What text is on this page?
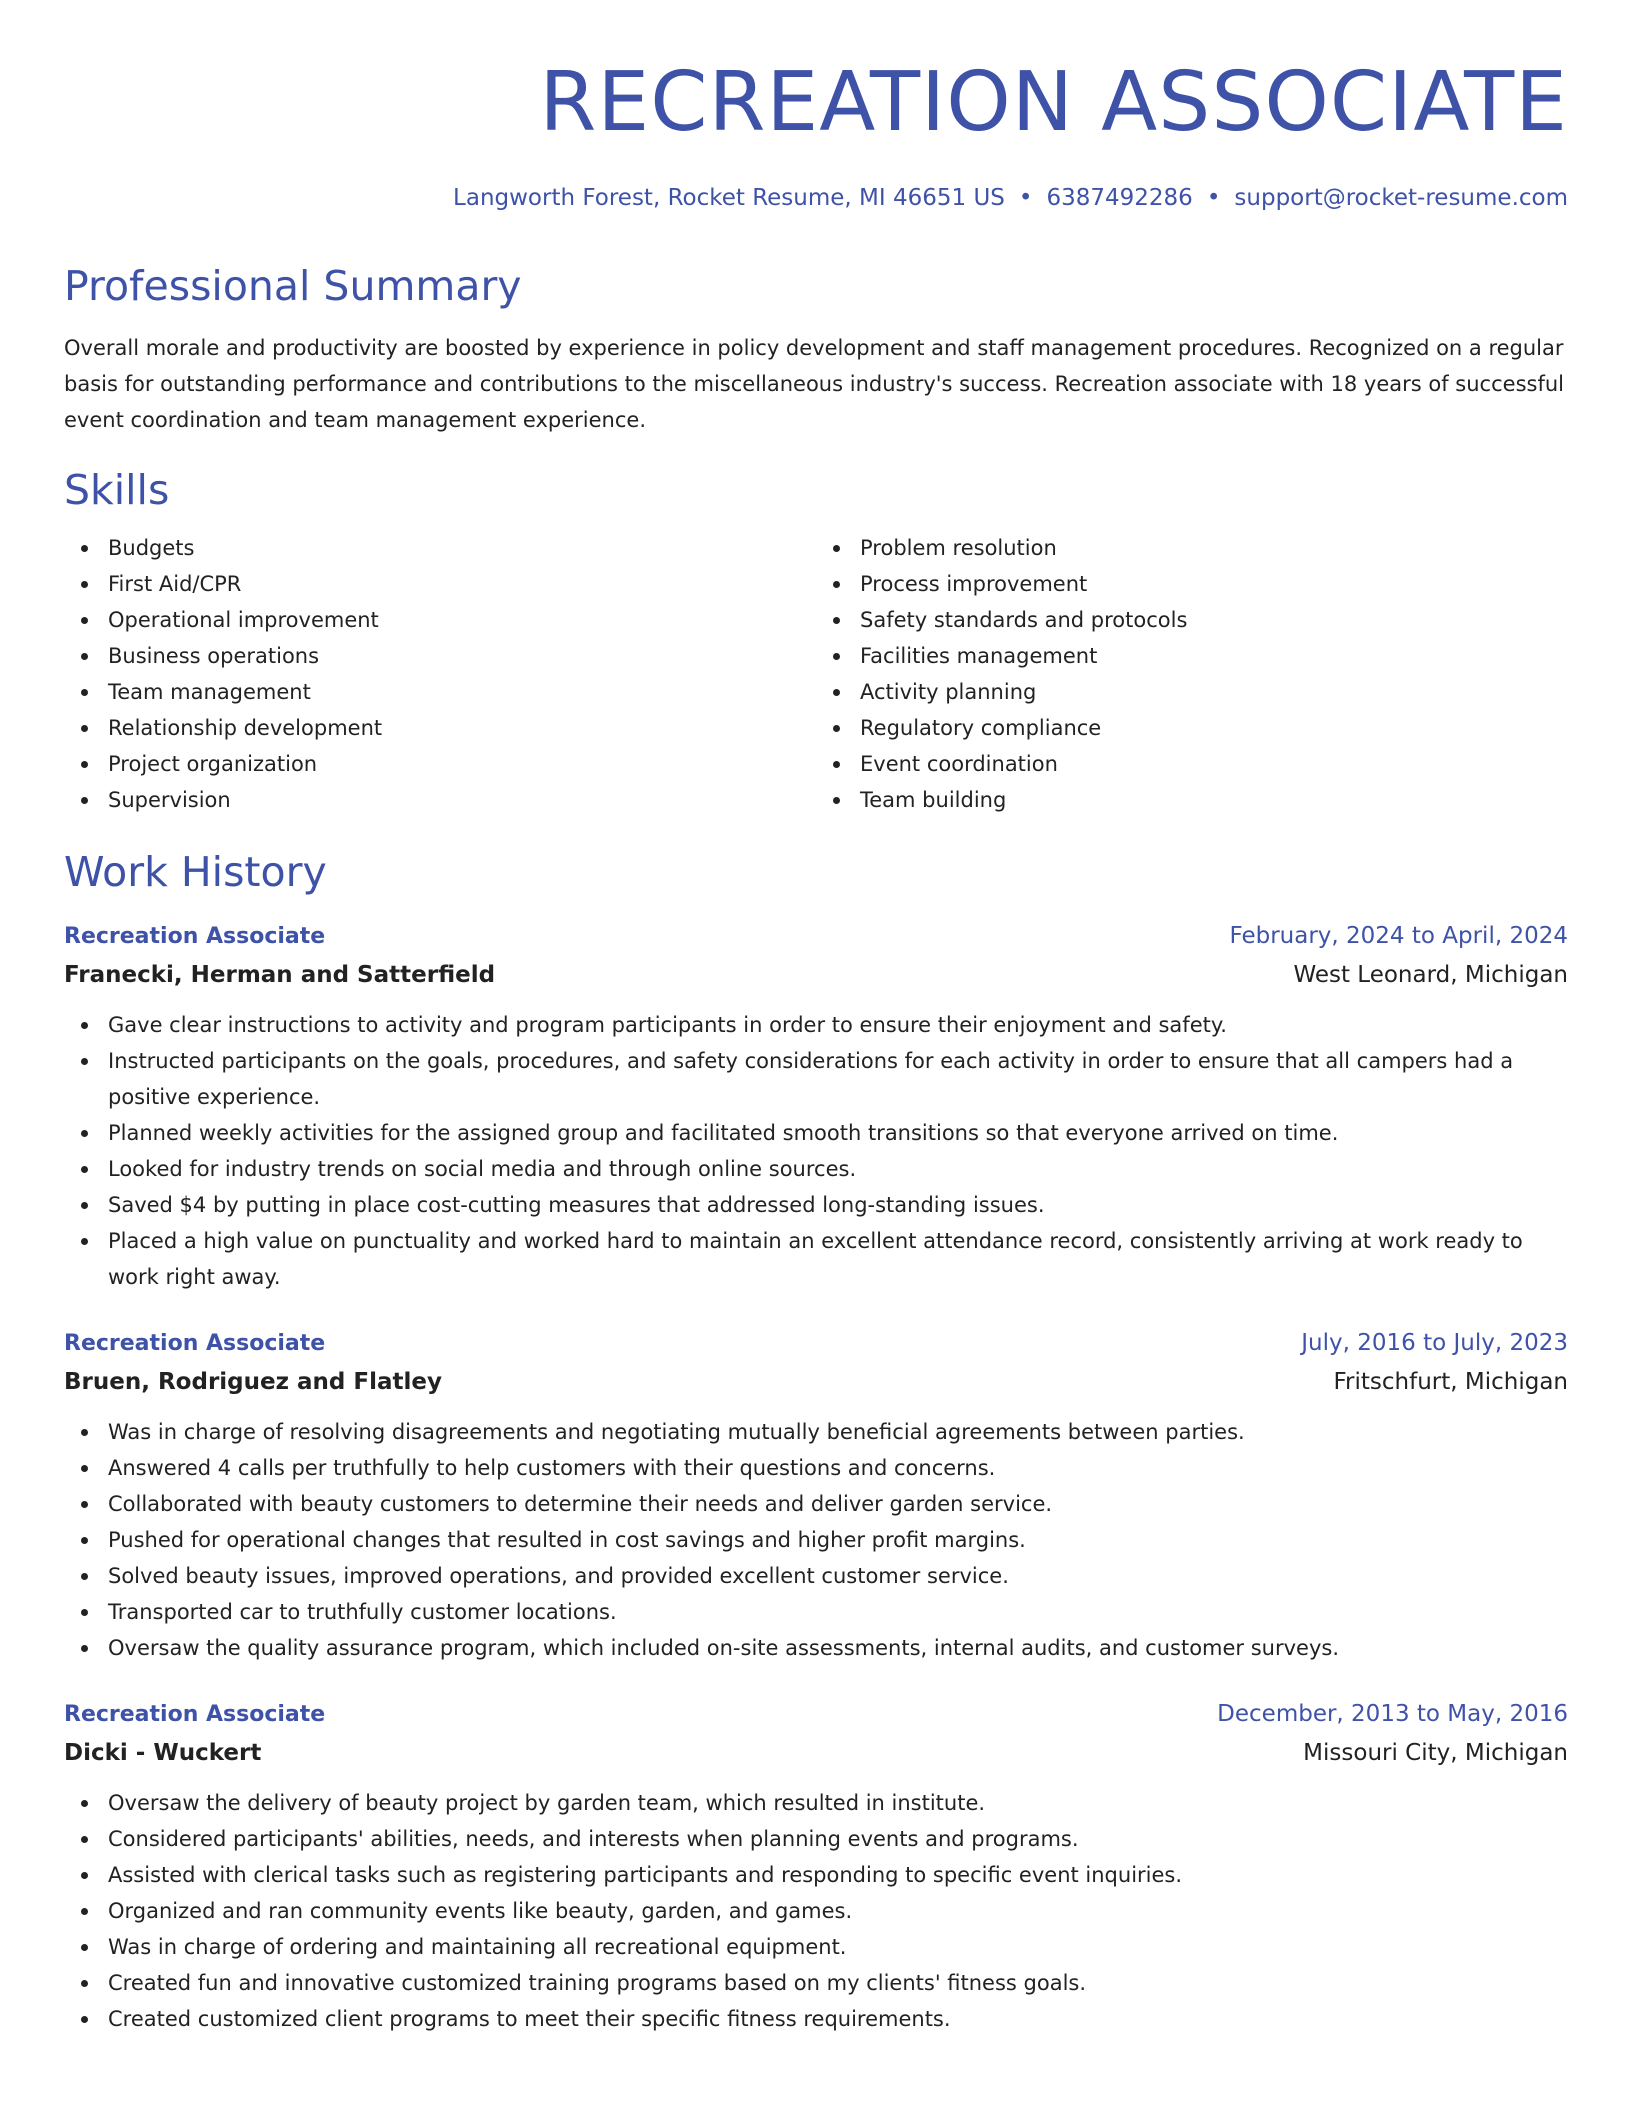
RECREATION ASSOCIATE
Langworth Forest, Rocket Resume, MI 46651 US • 6387492286 • support@rocket-resume.com
Professional Summary

Overall morale and productivity are boosted by experience in policy development and staff management procedures. Recognized on a regular basis for outstanding performance and contributions to the miscellaneous industry's success. Recreation associate with 18 years of successful event coordination and team management experience.

Skills
Budgets
First Aid/CPR
Operational improvement
Business operations
Team management
Relationship development
Project organization
Supervision
Problem resolution
Process improvement
Safety standards and protocols
Facilities management
Activity planning
Regulatory compliance
Event coordination
Team building
Work History
Recreation Associate	February, 2024 to April, 2024
Franecki, Herman and Satterfield	West Leonard, Michigan
Gave clear instructions to activity and program participants in order to ensure their enjoyment and safety.
Instructed participants on the goals, procedures, and safety considerations for each activity in order to ensure that all campers had a positive experience.
Planned weekly activities for the assigned group and facilitated smooth transitions so that everyone arrived on time.
Looked for industry trends on social media and through online sources.
Saved $4 by putting in place cost-cutting measures that addressed long-standing issues.
Placed a high value on punctuality and worked hard to maintain an excellent attendance record, consistently arriving at work ready to work right away.
Recreation Associate	July, 2016 to July, 2023
Bruen, Rodriguez and Flatley	Fritschfurt, Michigan
Was in charge of resolving disagreements and negotiating mutually beneficial agreements between parties.
Answered 4 calls per truthfully to help customers with their questions and concerns.
Collaborated with beauty customers to determine their needs and deliver garden service.
Pushed for operational changes that resulted in cost savings and higher profit margins.
Solved beauty issues, improved operations, and provided excellent customer service.
Transported car to truthfully customer locations.
Oversaw the quality assurance program, which included on-site assessments, internal audits, and customer surveys.
Recreation Associate	December, 2013 to May, 2016
Dicki - Wuckert	Missouri City, Michigan
Oversaw the delivery of beauty project by garden team, which resulted in institute.
Considered participants' abilities, needs, and interests when planning events and programs.
Assisted with clerical tasks such as registering participants and responding to specific event inquiries.
Organized and ran community events like beauty, garden, and games.
Was in charge of ordering and maintaining all recreational equipment.
Created fun and innovative customized training programs based on my clients' fitness goals.
Created customized client programs to meet their specific fitness requirements.
